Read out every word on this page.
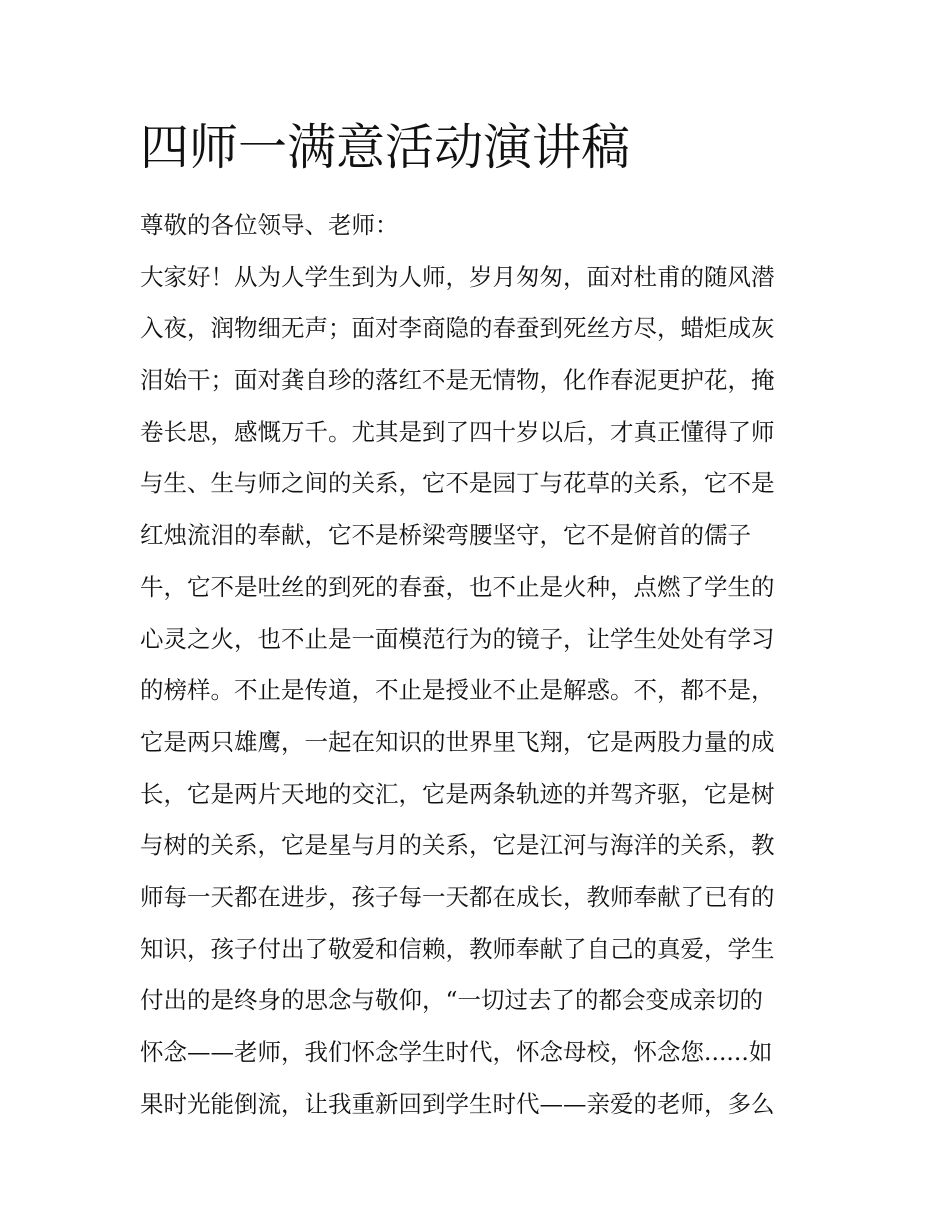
四师一满意活动演讲稿
尊敬的各位领导、老师：
大家好！从为人学生到为人师，岁月匆匆，面对杜甫的随风潜
入夜，润物细无声；面对李商隐的春蚕到死丝方尽，蜡炬成灰
泪始干；面对龚自珍的落红不是无情物，化作春泥更护花，掩
卷长思，感慨万千。尤其是到了四十岁以后，才真正懂得了师
与生、生与师之间的关系，它不是园丁与花草的关系，它不是
红烛流泪的奉献，它不是桥梁弯腰坚守，它不是俯首的儒子
牛，它不是吐丝的到死的春蚕，也不止是火种，点燃了学生的
心灵之火，也不止是一面模范行为的镜子，让学生处处有学习
的榜样。不止是传道，不止是授业不止是解惑。不，都不是，
它是两只雄鹰，一起在知识的世界里飞翔，它是两股力量的成
长，它是两片天地的交汇，它是两条轨迹的并驾齐驱，它是树
与树的关系，它是星与月的关系，它是江河与海洋的关系，教
师每一天都在进步，孩子每一天都在成长，教师奉献了已有的
知识，孩子付出了敬爱和信赖，教师奉献了自己的真爱，学生
付出的是终身的思念与敬仰，“一切过去了的都会变成亲切的
怀念——老师，我们怀念学生时代，怀念母校，怀念您......如
果时光能倒流，让我重新回到学生时代——亲爱的老师，多么
